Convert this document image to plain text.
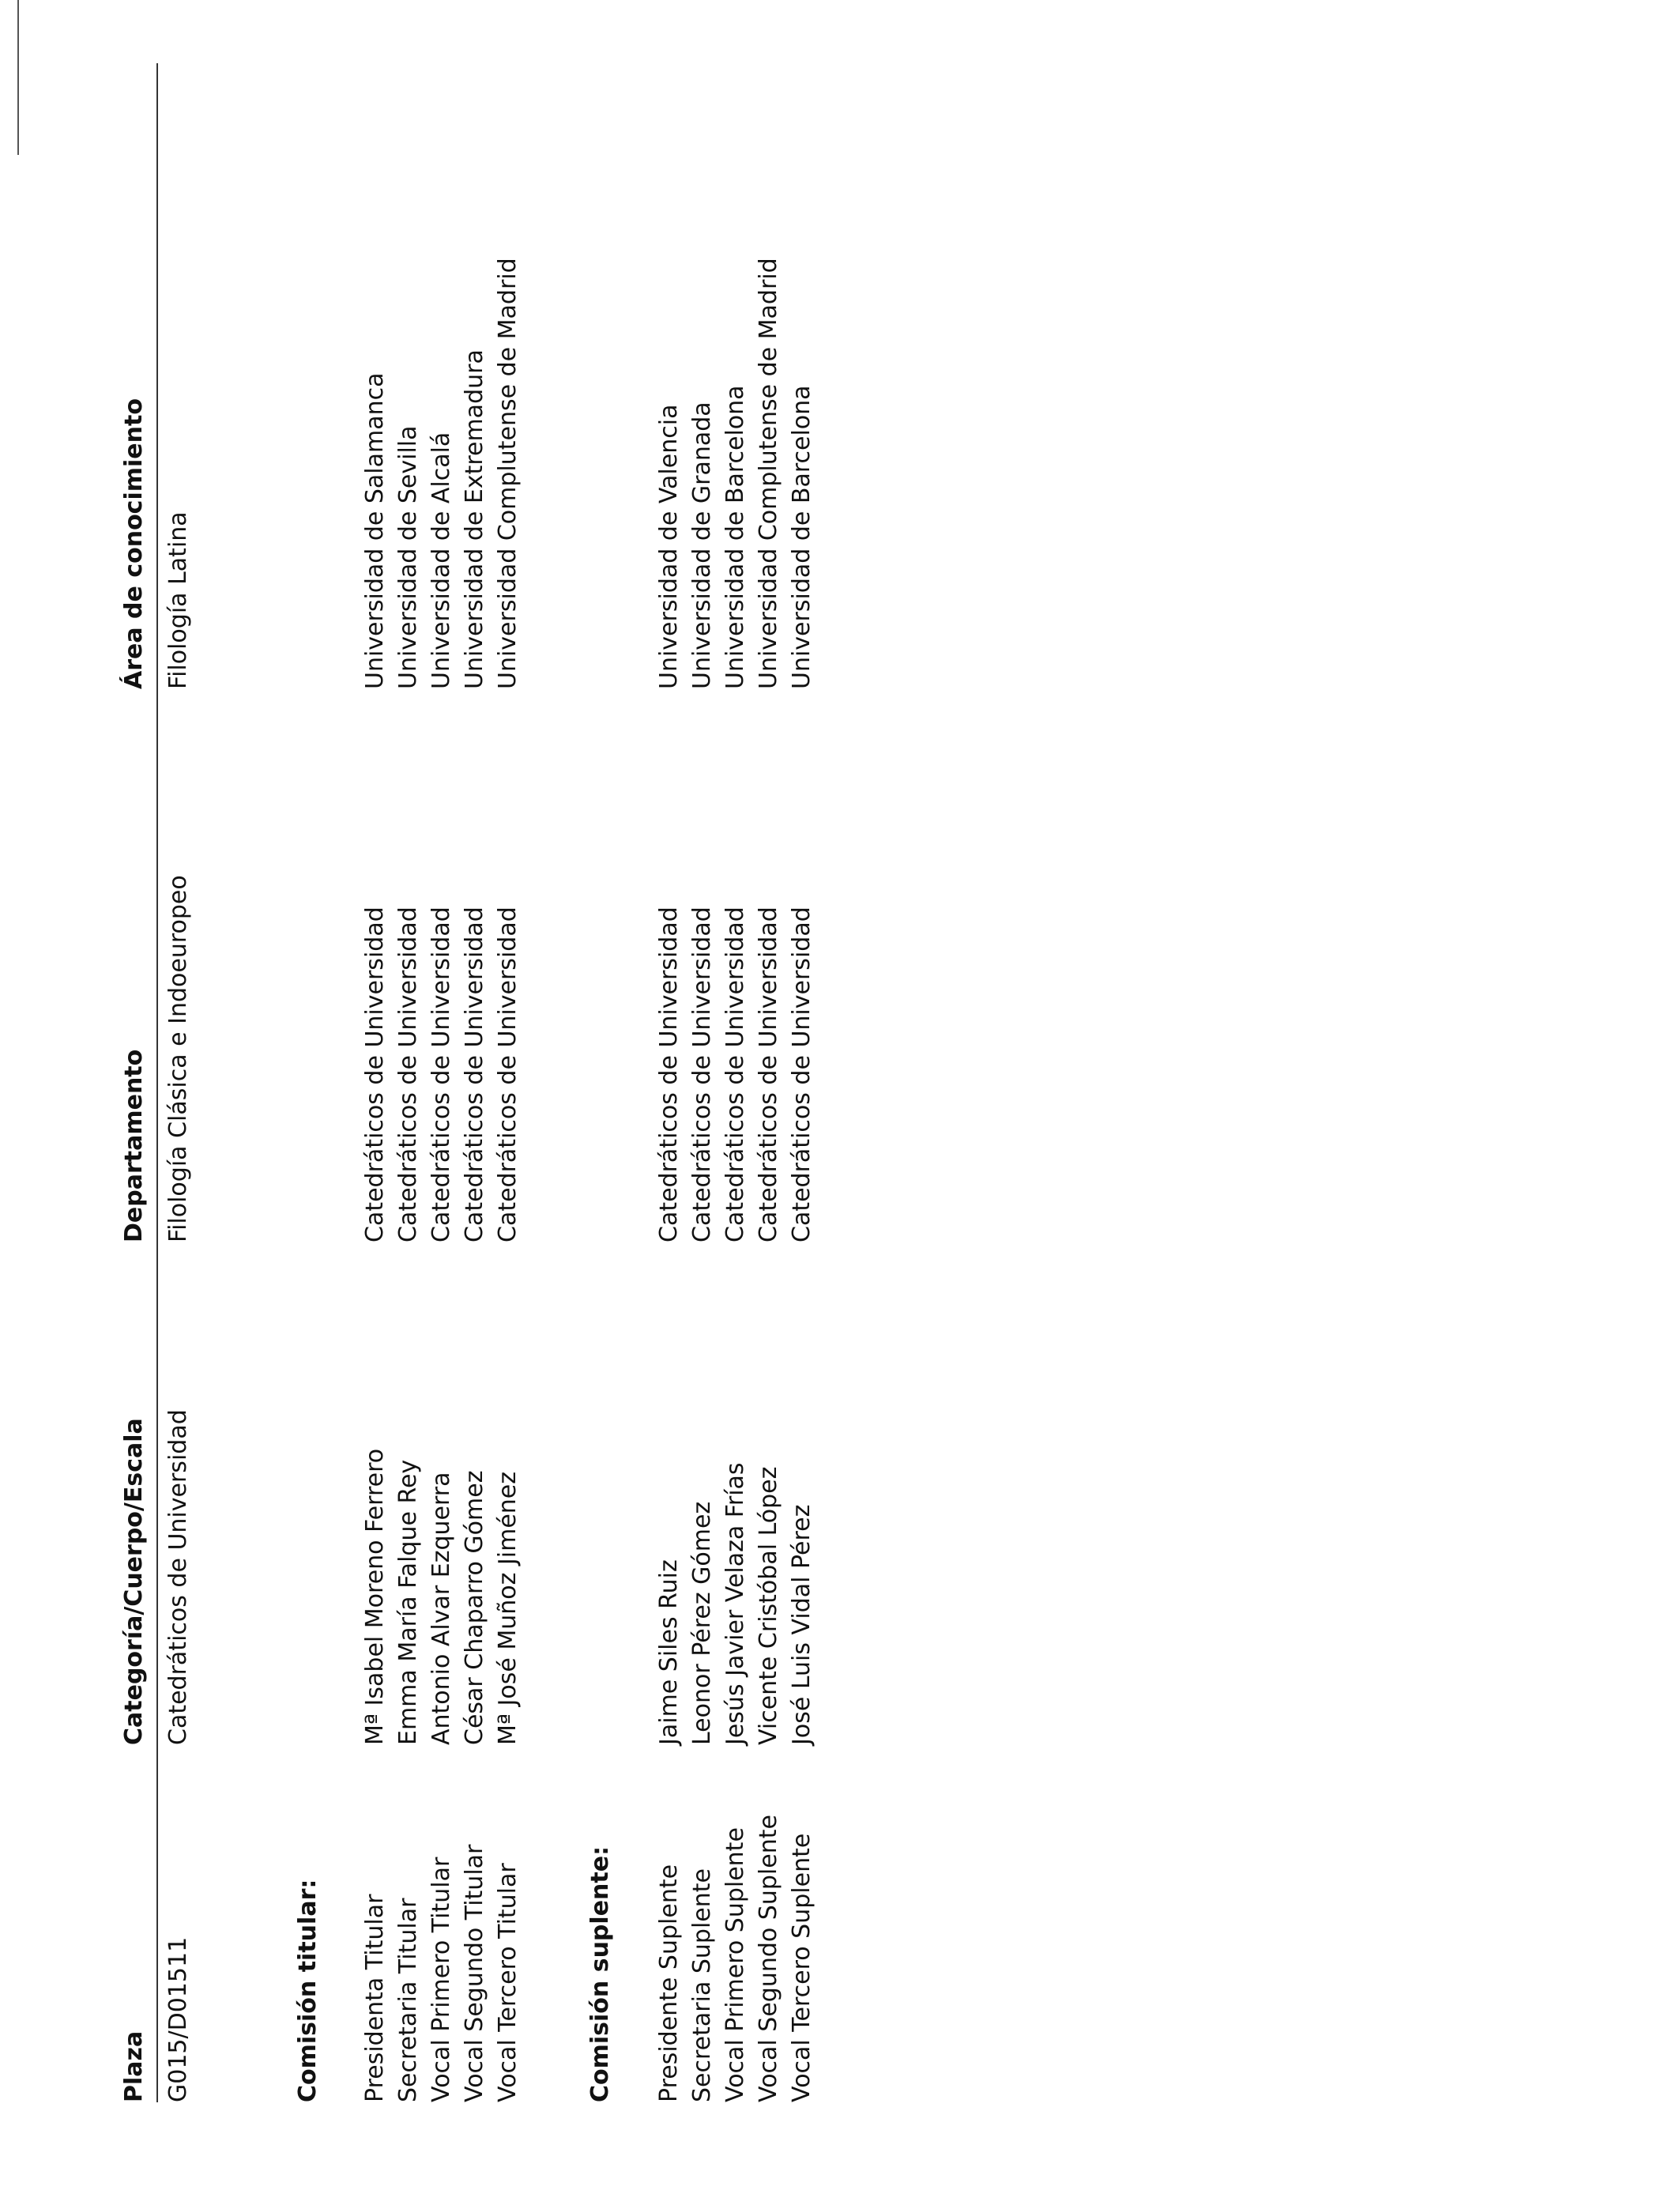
Plaza
Categoría/Cuerpo/Escala
Departamento
Área de conocimiento
G015/D01511
Catedráticos de Universidad
Filología Clásica e Indoeuropeo
Filología Latina
Comisión titular: Presidenta Titular Secretaria Titular Vocal Primero Titular Vocal Segundo Titular Vocal Tercero Titular
Mª Isabel Moreno Ferrero Emma María Falque Rey Antonio Alvar Ezquerra César Chaparro Gómez Mª José Muñoz Jiménez
Catedráticos de Universidad Catedráticos de Universidad Catedráticos de Universidad Catedráticos de Universidad Catedráticos de Universidad
Universidad de Salamanca Universidad de Sevilla Universidad de Alcalá Universidad de Extremadura Universidad Complutense de Madrid
Comisión suplente: Presidente Suplente Secretaria Suplente Vocal Primero Suplente Vocal Segundo Suplente Vocal Tercero Suplente
Jaime Siles Ruiz Leonor Pérez Gómez Jesús Javier Velaza Frías Vicente Cristóbal López José Luis Vidal Pérez
Catedráticos de Universidad Catedráticos de Universidad Catedráticos de Universidad Catedráticos de Universidad Catedráticos de Universidad
Universidad de Valencia Universidad de Granada Universidad de Barcelona Universidad Complutense de Madrid Universidad de Barcelona
